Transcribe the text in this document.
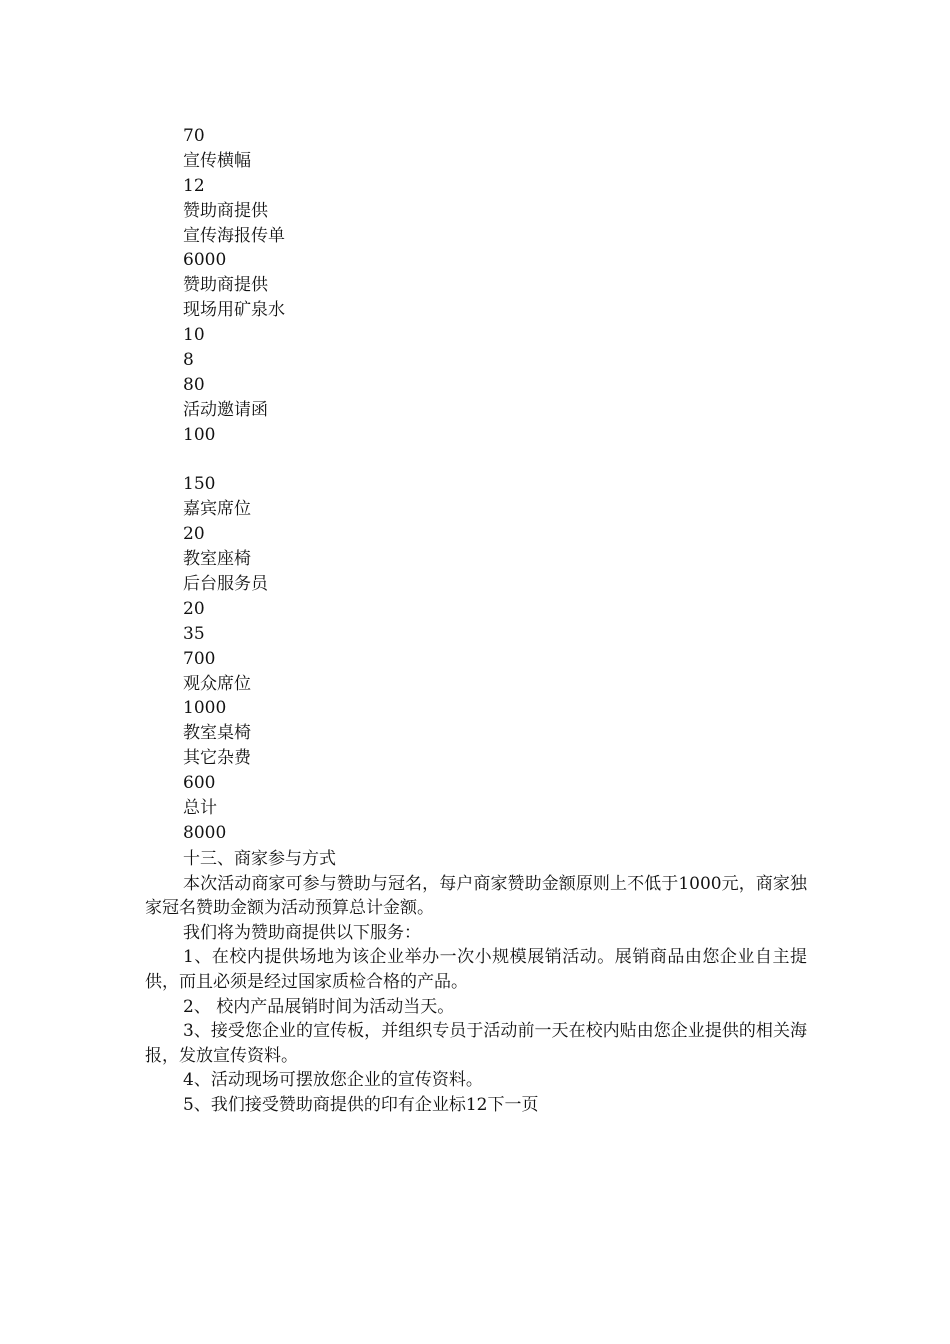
70
宣传横幅
12
赞助商提供
宣传海报传单
6000
赞助商提供
现场用矿泉水
10
8
80
活动邀请函
100
150
嘉宾席位
20
教室座椅
后台服务员
20
35
700
观众席位
1000
教室桌椅
其它杂费
600
总计
8000

十三、商家参与方式

本次活动商家可参与赞助与冠名，每户商家赞助金额原则上不低于1000元，商家独家冠名赞助金额为活动预算总计金额。

我们将为赞助商提供以下服务：

1、在校内提供场地为该企业举办一次小规模展销活动。展销商品由您企业自主提供，而且必须是经过国家质检合格的产品。

2、 校内产品展销时间为活动当天。

3、接受您企业的宣传板，并组织专员于活动前一天在校内贴由您企业提供的相关海报，发放宣传资料。

4、活动现场可摆放您企业的宣传资料。

5、我们接受赞助商提供的印有企业标12下一页
